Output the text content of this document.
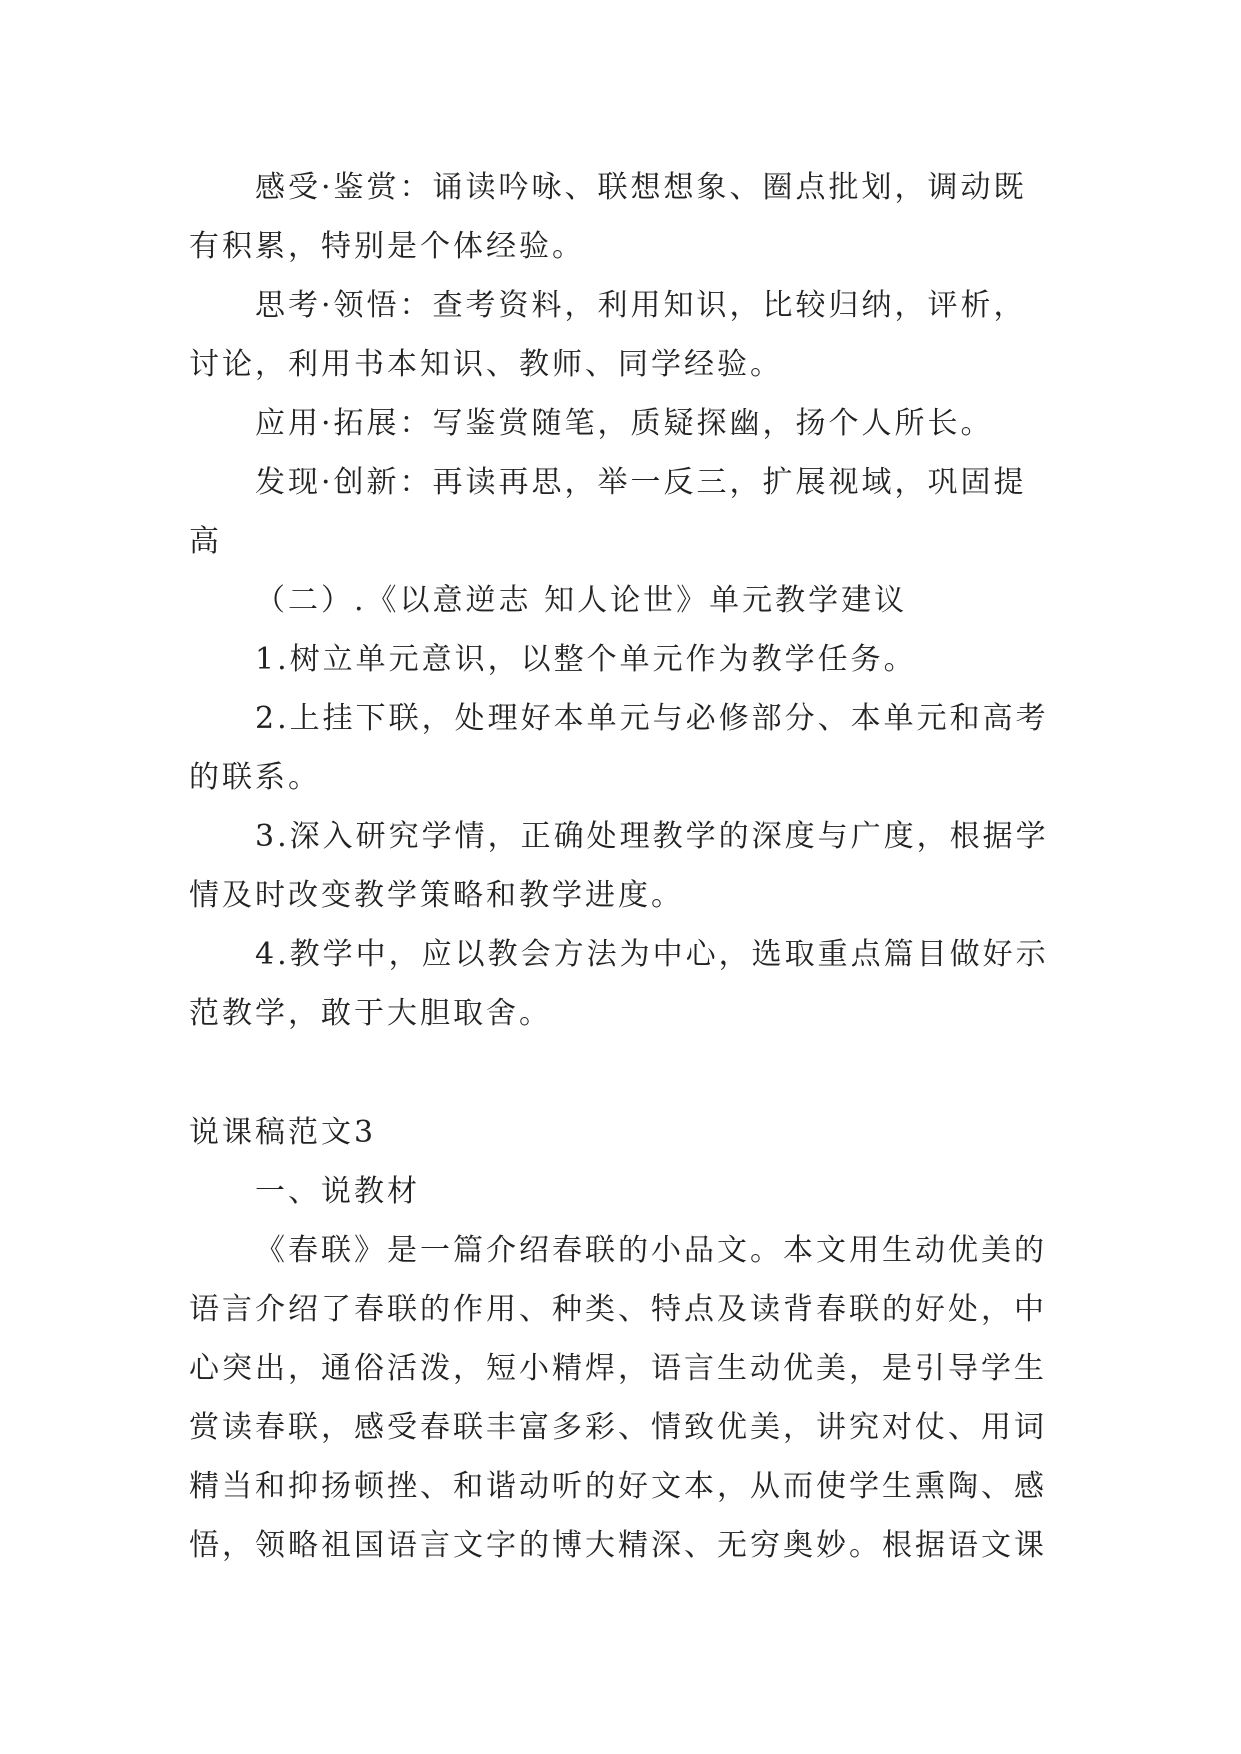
感受·鉴赏：诵读吟咏、联想想象、圈点批划，调动既有积累，特别是个体经验。

思考·领悟：查考资料，利用知识，比较归纳，评析，讨论，利用书本知识、教师、同学经验。

应用·拓展：写鉴赏随笔，质疑探幽，扬个人所长。

发现·创新：再读再思，举一反三，扩展视域，巩固提高

（二）.《以意逆志 知人论世》单元教学建议

1.树立单元意识，以整个单元作为教学任务。

2.上挂下联，处理好本单元与必修部分、本单元和高考的联系。

3.深入研究学情，正确处理教学的深度与广度，根据学情及时改变教学策略和教学进度。

4.教学中，应以教会方法为中心，选取重点篇目做好示范教学，敢于大胆取舍。

说课稿范文3

一、说教材

《春联》是一篇介绍春联的小品文。本文用生动优美的语言介绍了春联的作用、种类、特点及读背春联的好处，中心突出，通俗活泼，短小精焊，语言生动优美，是引导学生赏读春联，感受春联丰富多彩、情致优美，讲究对仗、用词精当和抑扬顿挫、和谐动听的好文本，从而使学生熏陶、感悟，领略祖国语言文字的博大精深、无穷奥妙。根据语文课
